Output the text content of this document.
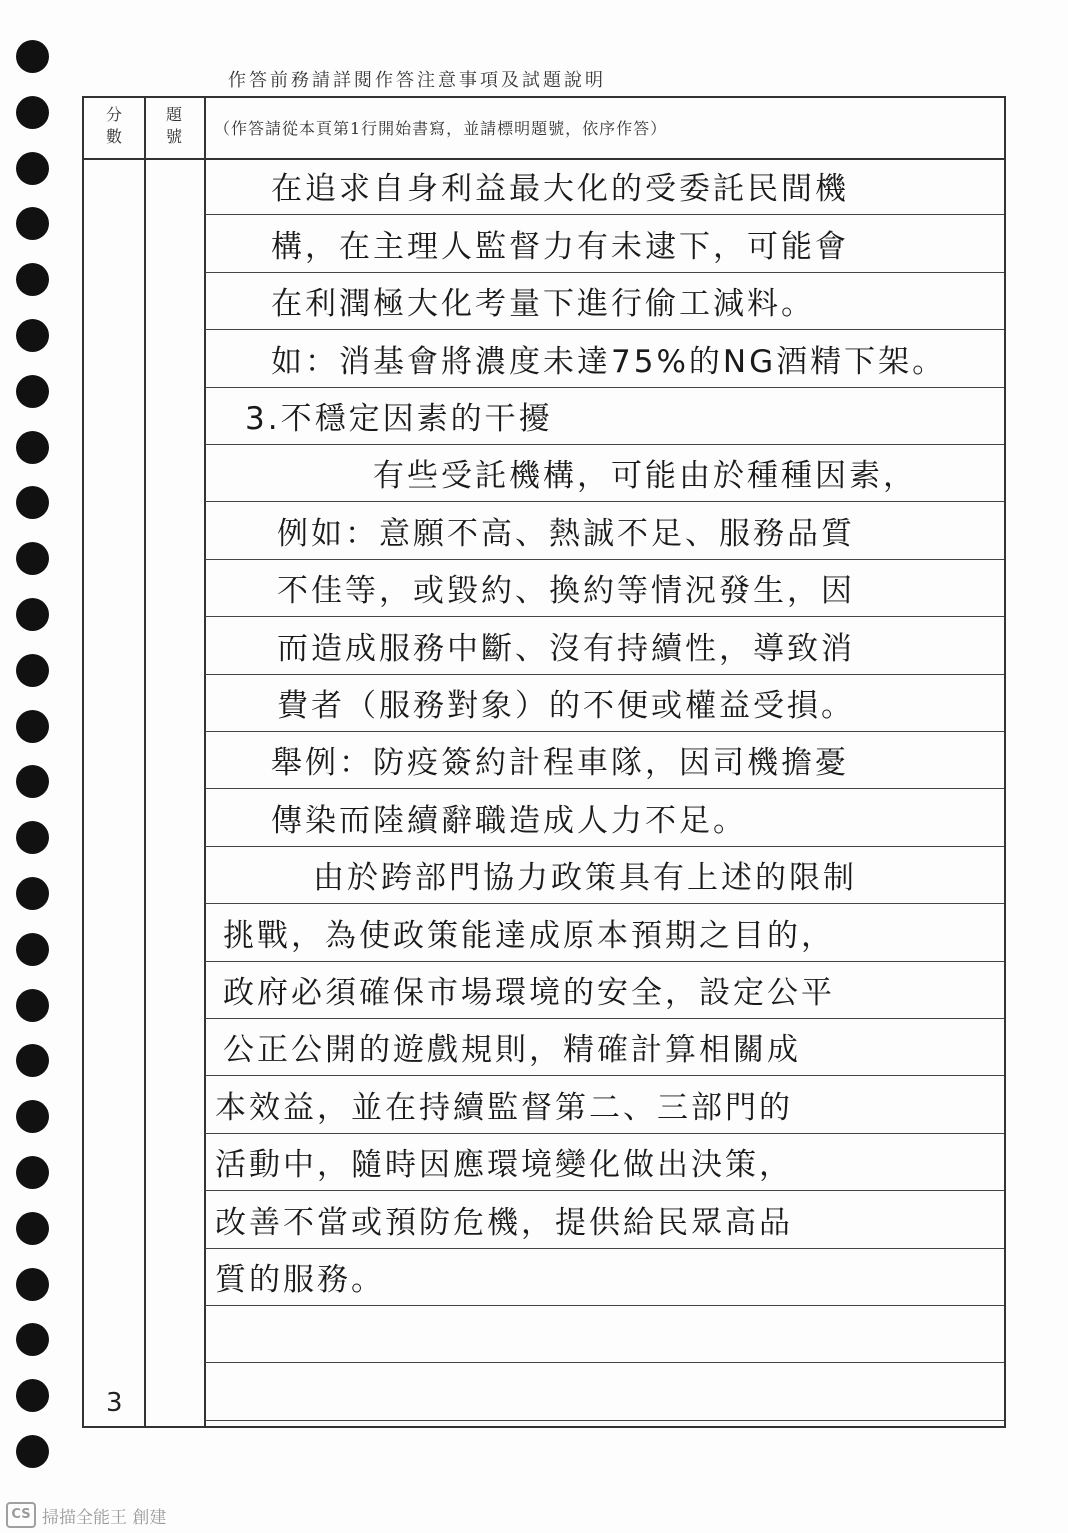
作答前務請詳閱作答注意事項及試題說明
分數
題號	（作答請從本頁第1行開始書寫，並請標明題號，依序作答）
3
在追求自身利益最大化的受委託民間機
構，在主理人監督力有未逮下，可能會
在利潤極大化考量下進行偷工減料。
如：消基會將濃度未達75%的NG酒精下架。
3.不穩定因素的干擾
有些受託機構，可能由於種種因素，
例如：意願不高、熱誠不足、服務品質
不佳等，或毀約、換約等情況發生，因
而造成服務中斷、沒有持續性，導致消
費者（服務對象）的不便或權益受損。
舉例：防疫簽約計程車隊，因司機擔憂
傳染而陸續辭職造成人力不足。
由於跨部門協力政策具有上述的限制
挑戰，為使政策能達成原本預期之目的，
政府必須確保市場環境的安全，設定公平
公正公開的遊戲規則，精確計算相關成
本效益，並在持續監督第二、三部門的
活動中，隨時因應環境變化做出決策，
改善不當或預防危機，提供給民眾高品
質的服務。
CS 掃描全能王 創建
